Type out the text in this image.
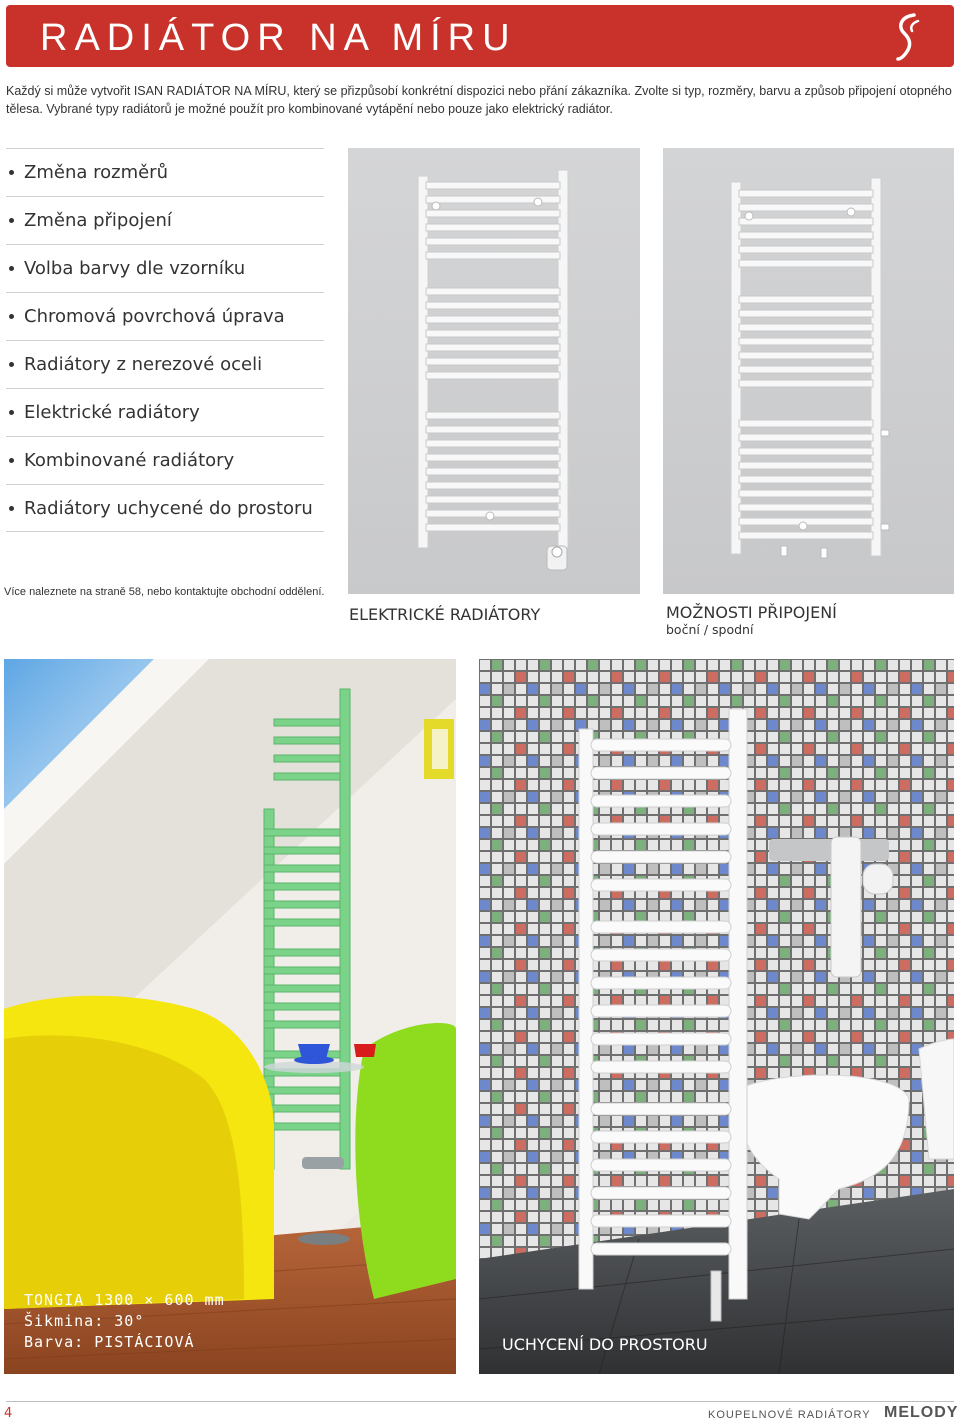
RADIÁTOR NA MÍRU
Každý si může vytvořit ISAN RADIÁTOR NA MÍRU, který se přizpůsobí konkrétní dispozici nebo přání zákazníka. Zvolte si typ, rozměry, barvu a způsob připojení otopného
tělesa. Vybrané typy radiátorů je možné použít pro kombinované vytápění nebo pouze jako elektrický radiátor.
Změna rozměrů
Změna připojení
Volba barvy dle vzorníku
Chromová povrchová úprava
Radiátory z nerezové oceli
Elektrické radiátory
Kombinované radiátory
Radiátory uchycené do prostoru
Více naleznete na straně 58, nebo kontaktujte obchodní oddělení.
ELEKTRICKÉ RADIÁTORY	MOŽNOSTI PŘIPOJENÍ
boční / spodní
TONGIA 1300 × 600 mm
Šikmina: 30°
Barva: PISTÁCIOVÁ	UCHYCENÍ DO PROSTORU
4	KOUPELNOVÉ RADIÁTORY MELODY
